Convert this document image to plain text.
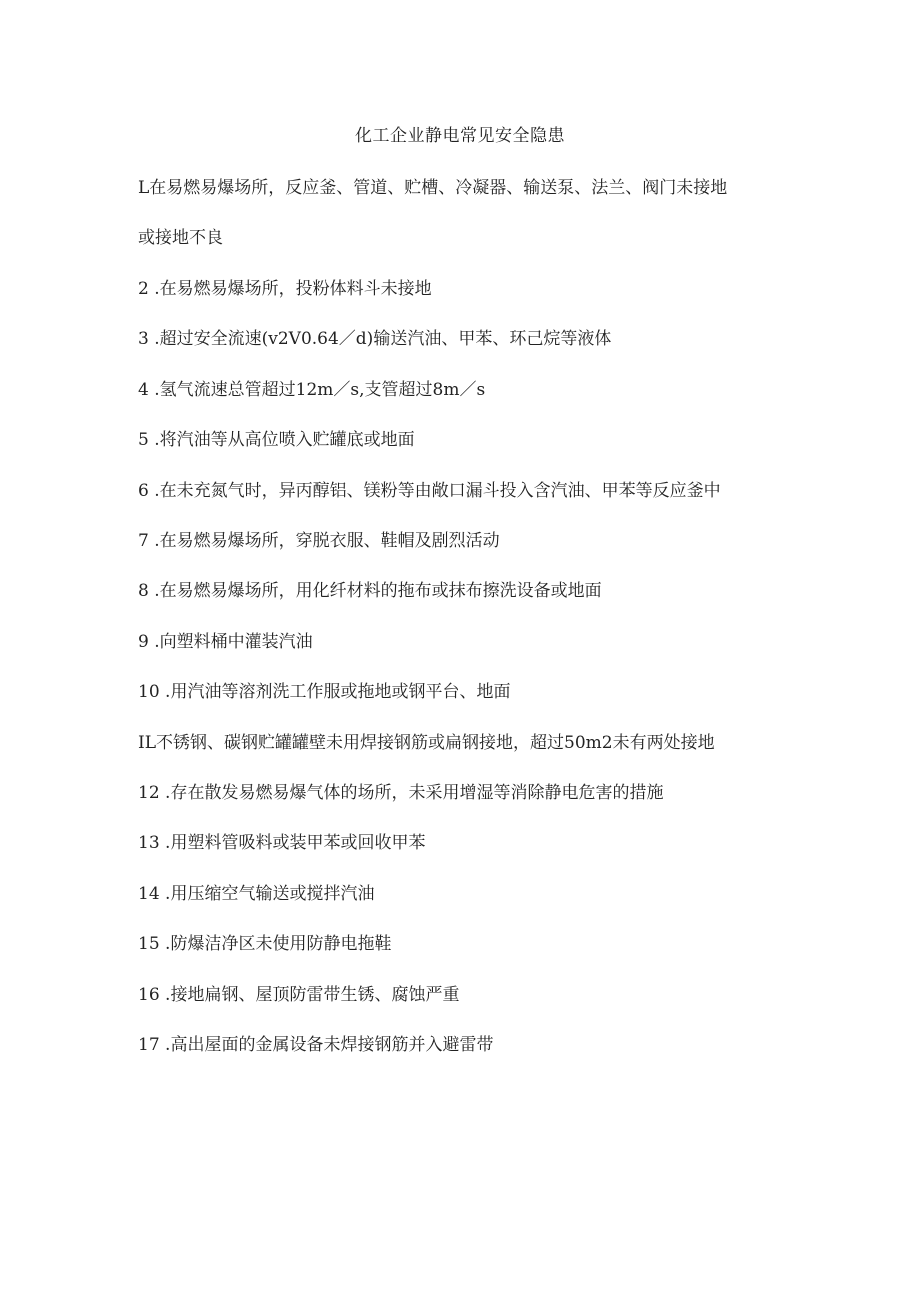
化工企业静电常见安全隐患
L在易燃易爆场所，反应釜、管道、贮槽、冷凝器、输送泵、法兰、阀门未接地
或接地不良
2 .在易燃易爆场所，投粉体料斗未接地
3 .超过安全流速(v2V0.64／d)输送汽油、甲苯、环己烷等液体
4 .氢气流速总管超过12m／s,支管超过8m／s
5 .将汽油等从高位喷入贮罐底或地面
6 .在未充氮气时，异丙醇铝、镁粉等由敞口漏斗投入含汽油、甲苯等反应釜中
7 .在易燃易爆场所，穿脱衣服、鞋帽及剧烈活动
8 .在易燃易爆场所，用化纤材料的拖布或抹布擦洗设备或地面
9 .向塑料桶中灌装汽油
10 .用汽油等溶剂洗工作服或拖地或钢平台、地面
IL不锈钢、碳钢贮罐罐壁未用焊接钢筋或扁钢接地，超过50m2未有两处接地
12 .存在散发易燃易爆气体的场所，未采用增湿等消除静电危害的措施
13 .用塑料管吸料或装甲苯或回收甲苯
14 .用压缩空气输送或搅拌汽油
15 .防爆洁净区未使用防静电拖鞋
16 .接地扁钢、屋顶防雷带生锈、腐蚀严重
17 .高出屋面的金属设备未焊接钢筋并入避雷带
